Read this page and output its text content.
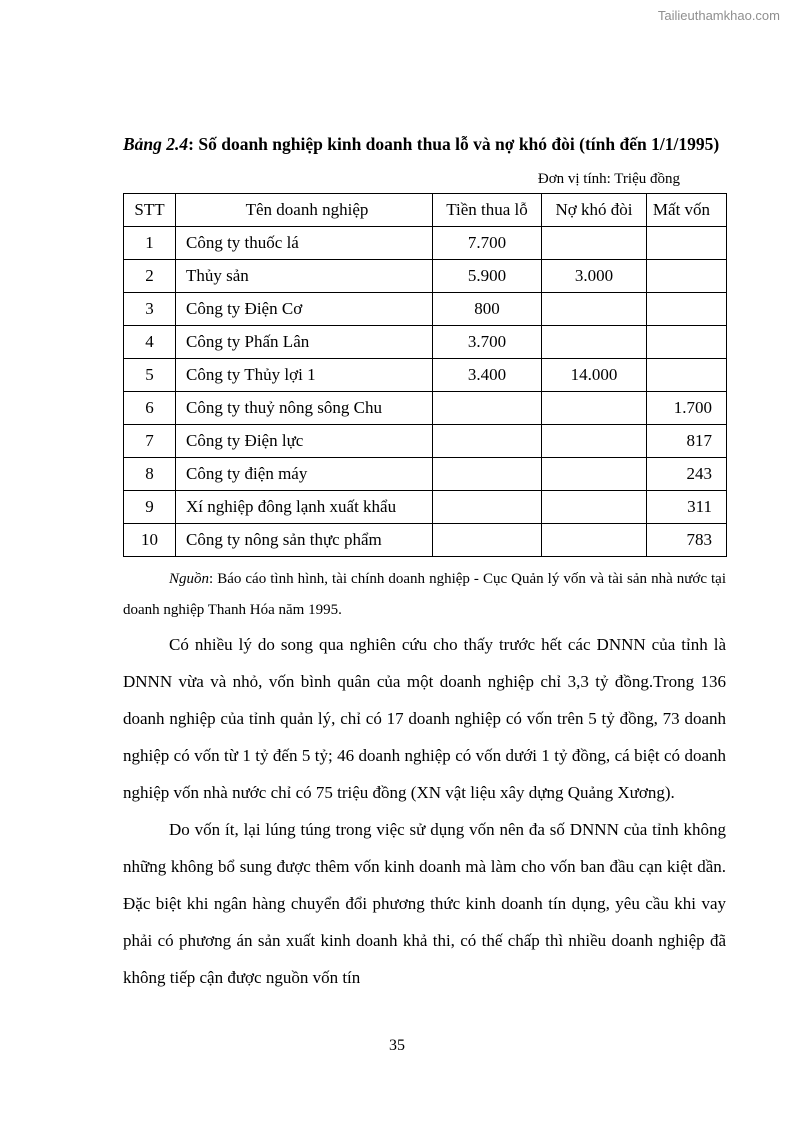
Tailieuthamkhao.com

Bảng 2.4: Số doanh nghiệp kinh doanh thua lỗ và nợ khó đòi (tính đến 1/1/1995)

Đơn vị tính: Triệu đồng
STT	Tên doanh nghiệp	Tiền thua lỗ	Nợ khó đòi	Mất vốn
1	Công ty thuốc lá	7.700		
2	Thủy sản	5.900	3.000	
3	Công ty Điện Cơ	800		
4	Công ty Phấn Lân	3.700		
5	Công ty Thủy lợi 1	3.400	14.000	
6	Công ty thuỷ nông sông Chu			1.700
7	Công ty Điện lực			817
8	Công ty điện máy			243
9	Xí nghiệp đông lạnh xuất khẩu			311
10	Công ty nông sản thực phẩm			783

Nguồn: Báo cáo tình hình, tài chính doanh nghiệp - Cục Quản lý vốn và tài sản nhà nước tại doanh nghiệp Thanh Hóa năm 1995.

Có nhiều lý do song qua nghiên cứu cho thấy trước hết các DNNN của tỉnh là DNNN vừa và nhỏ, vốn bình quân của một doanh nghiệp chỉ 3,3 tỷ đồng.Trong 136 doanh nghiệp của tỉnh quản lý, chỉ có 17 doanh nghiệp có vốn trên 5 tỷ đồng, 73 doanh nghiệp có vốn từ 1 tỷ đến 5 tỷ; 46 doanh nghiệp có vốn dưới 1 tỷ đồng, cá biệt có doanh nghiệp vốn nhà nước chỉ có 75 triệu đồng (XN vật liệu xây dựng Quảng Xương).

Do vốn ít, lại lúng túng trong việc sử dụng vốn nên đa số DNNN của tỉnh không những không bổ sung được thêm vốn kinh doanh mà làm cho vốn ban đầu cạn kiệt dần. Đặc biệt khi ngân hàng chuyển đổi phương thức kinh doanh tín dụng, yêu cầu khi vay phải có phương án sản xuất kinh doanh khả thi, có thế chấp thì nhiều doanh nghiệp đã không tiếp cận được nguồn vốn tín

35
